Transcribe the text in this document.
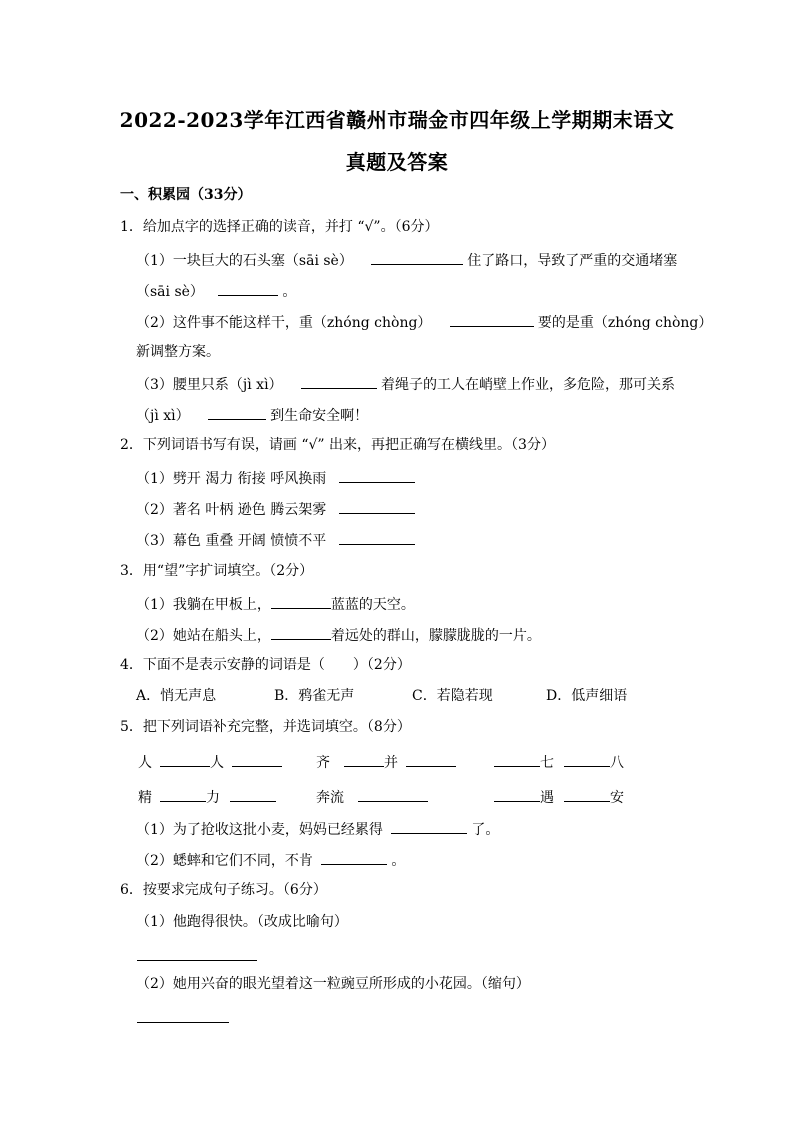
2022-2023学年江西省赣州市瑞金市四年级上学期期末语文
真题及答案
一、积累园（33分）
1．给加点字的选择正确的读音，并打 “√”。（6分）
（1）一块巨大的石头塞（sāi sè）	住了路口，导致了严重的交通堵塞
（sāi sè）	。
（2）这件事不能这样干，重（zhóng chòng）	要的是重（zhóng chòng）
新调整方案。
（3）腰里只系（jì xì）	着绳子的工人在峭壁上作业，多危险，那可关系
（jì xì）	到生命安全啊！
2．下列词语书写有误，请画 “√” 出来，再把正确写在横线里。（3分）
（1）劈开 渴力 衔接 呼风换雨
（2）著名 叶柄 逊色 腾云架雾
（3）幕色 重叠 开阔 愤愤不平
3．用“望”字扩词填空。（2分）
（1）我躺在甲板上，	蓝蓝的天空。
（2）她站在船头上，	着远处的群山，朦朦胧胧的一片。
4．下面不是表示安静的词语是（　　）（2分）
A．悄无声息	B．鸦雀无声	C．若隐若现	D．低声细语
5．把下列词语补充完整，并选词填空。（8分）
人	人	齐	并	七	八
精	力	奔流	遇	安
（1）为了抢收这批小麦，妈妈已经累得	了。
（2）蟋蟀和它们不同，不肯	。
6．按要求完成句子练习。（6分）
（1）他跑得很快。（改成比喻句）
（2）她用兴奋的眼光望着这一粒豌豆所形成的小花园。（缩句）
